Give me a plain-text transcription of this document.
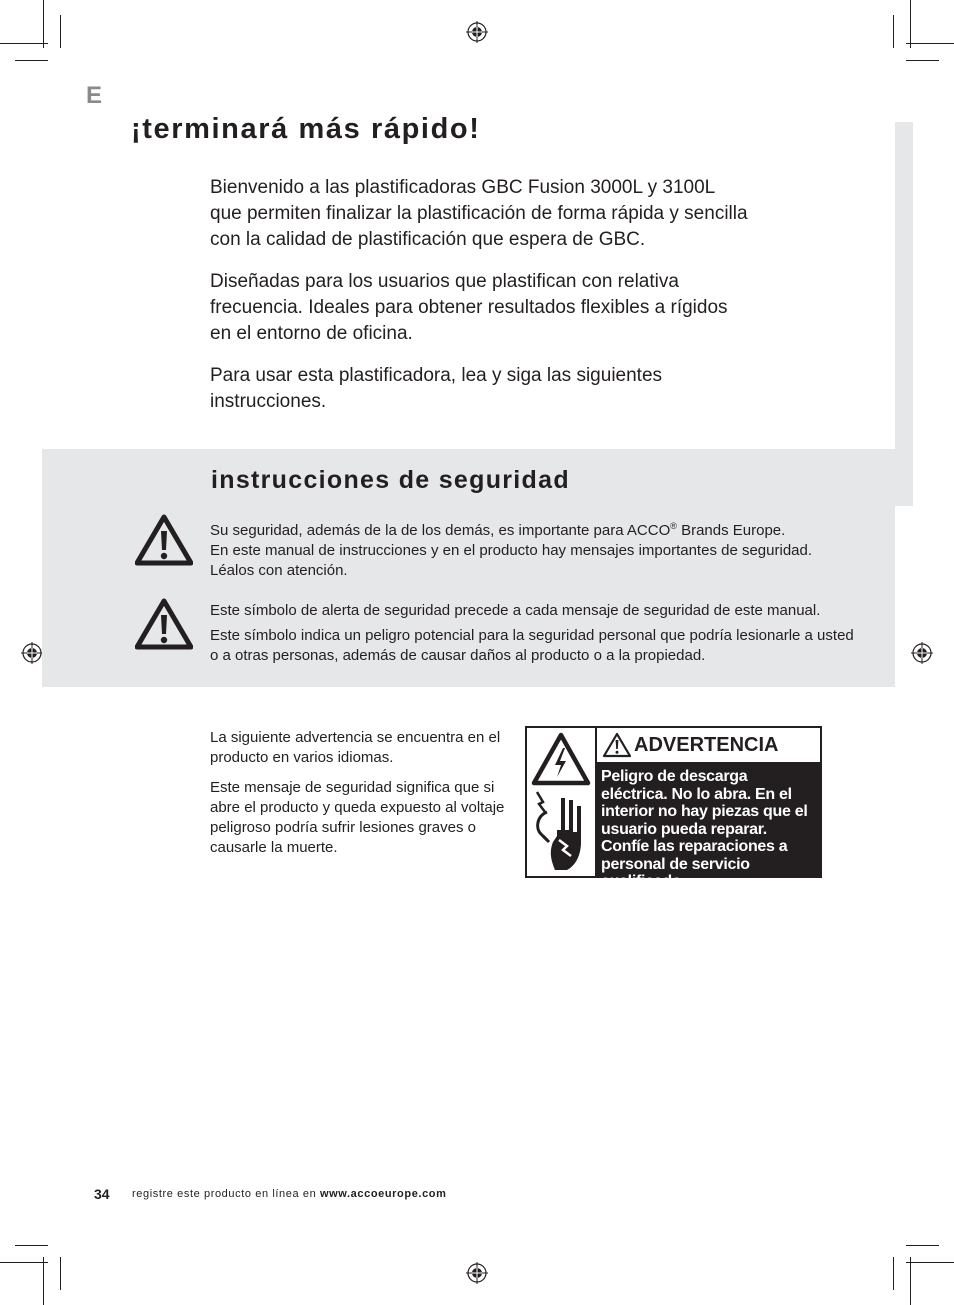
E
¡terminará más rápido!

Bienvenido a las plastificadoras GBC Fusion 3000L y 3100L que permiten finalizar la plastificación de forma rápida y sencilla con la calidad de plastificación que espera de GBC.

Diseñadas para los usuarios que plastifican con relativa frecuencia. Ideales para obtener resultados flexibles a rígidos en el entorno de oficina.

Para usar esta plastificadora, lea y siga las siguientes instrucciones.

instrucciones de seguridad

Su seguridad, además de la de los demás, es importante para ACCO® Brands Europe.

En este manual de instrucciones y en el producto hay mensajes importantes de seguridad. Léalos con atención.

Este símbolo de alerta de seguridad precede a cada mensaje de seguridad de este manual.

Este símbolo indica un peligro potencial para la seguridad personal que podría lesionarle a usted o a otras personas, además de causar daños al producto o a la propiedad.

La siguiente advertencia se encuentra en el producto en varios idiomas.

Este mensaje de seguridad significa que si abre el producto y queda expuesto al voltaje peligroso podría sufrir lesiones graves o causarle la muerte.

ADVERTENCIA
Peligro de descarga eléctrica. No lo abra. En el interior no hay piezas que el usuario pueda reparar. Confíe las reparaciones a personal de servicio cualificado.
34 registre este producto en línea en www.accoeurope.com
